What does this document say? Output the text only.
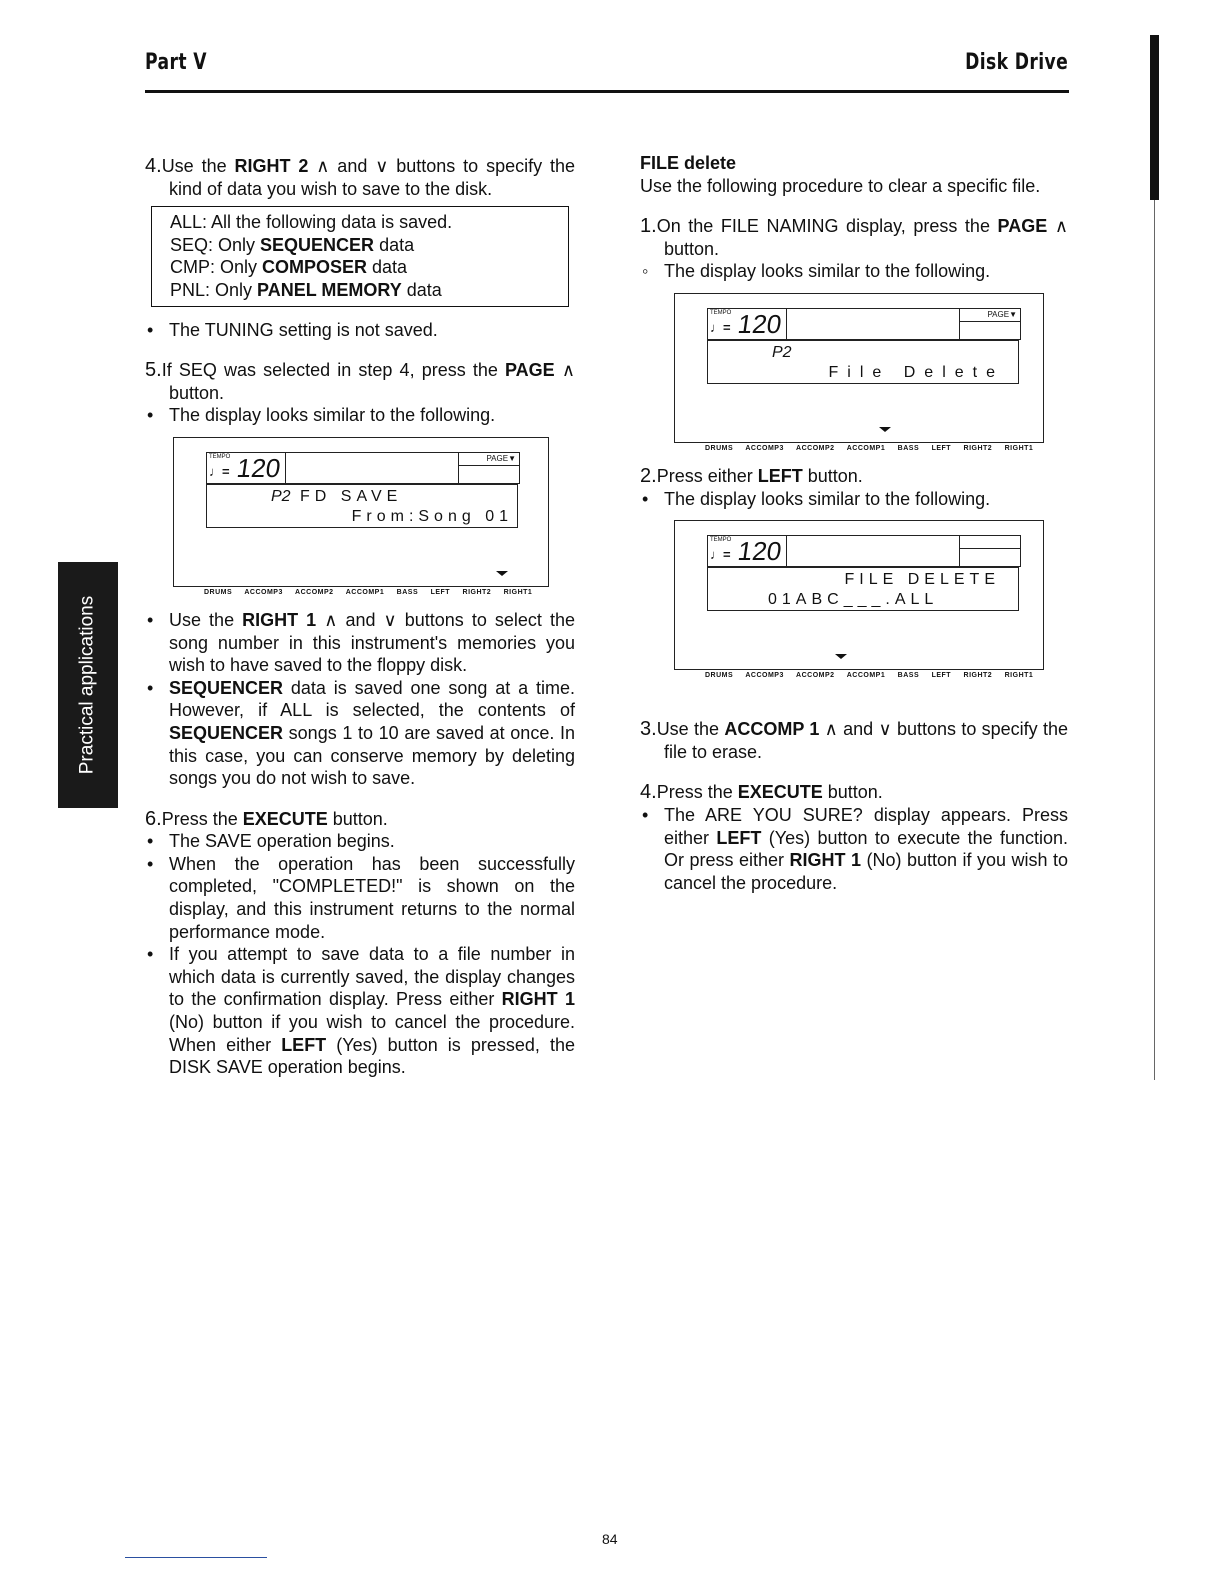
Part V	Disk Drive
Practical applications

4.Use the RIGHT 2 ∧ and ∨ buttons to specify the kind of data you wish to save to the disk.

ALL: All the following data is saved.
SEQ: Only SEQUENCER data
CMP: Only COMPOSER data
PNL: Only PANEL MEMORY data

• The TUNING setting is not saved.

5.If SEQ was selected in step 4, press the PAGE ∧ button.

• The display looks similar to the following.

TEMPO
♩= 120	PAGE▼
P2 FD SAVE
From:Song 01
DRUMS ACCOMP3 ACCOMP2 ACCOMP1 BASS LEFT RIGHT2 RIGHT1

• Use the RIGHT 1 ∧ and ∨ buttons to select the song number in this instrument's memories you wish to have saved to the floppy disk.

• SEQUENCER data is saved one song at a time. However, if ALL is selected, the contents of SEQUENCER songs 1 to 10 are saved at once. In this case, you can conserve memory by deleting songs you do not wish to save.

6.Press the EXECUTE button.

• The SAVE operation begins.

• When the operation has been successfully completed, "COMPLETED!" is shown on the display, and this instrument returns to the normal performance mode.

• If you attempt to save data to a file number in which data is currently saved, the display changes to the confirmation display. Press either RIGHT 1 (No) button if you wish to cancel the procedure. When either LEFT (Yes) button is pressed, the DISK SAVE operation begins.

FILE delete

Use the following procedure to clear a specific file.

1.On the FILE NAMING display, press the PAGE ∧ button.

◦ The display looks similar to the following.

TEMPO
♩= 120	PAGE▼
P2
File Delete
DRUMS ACCOMP3 ACCOMP2 ACCOMP1 BASS LEFT RIGHT2 RIGHT1

2.Press either LEFT button.

• The display looks similar to the following.

TEMPO
♩= 120

FILE DELETE
01ABC___.ALL
DRUMS ACCOMP3 ACCOMP2 ACCOMP1 BASS LEFT RIGHT2 RIGHT1

3.Use the ACCOMP 1 ∧ and ∨ buttons to specify the file to erase.

4.Press the EXECUTE button.

• The ARE YOU SURE? display appears. Press either LEFT (Yes) button to execute the function. Or press either RIGHT 1 (No) button if you wish to cancel the procedure.

84
